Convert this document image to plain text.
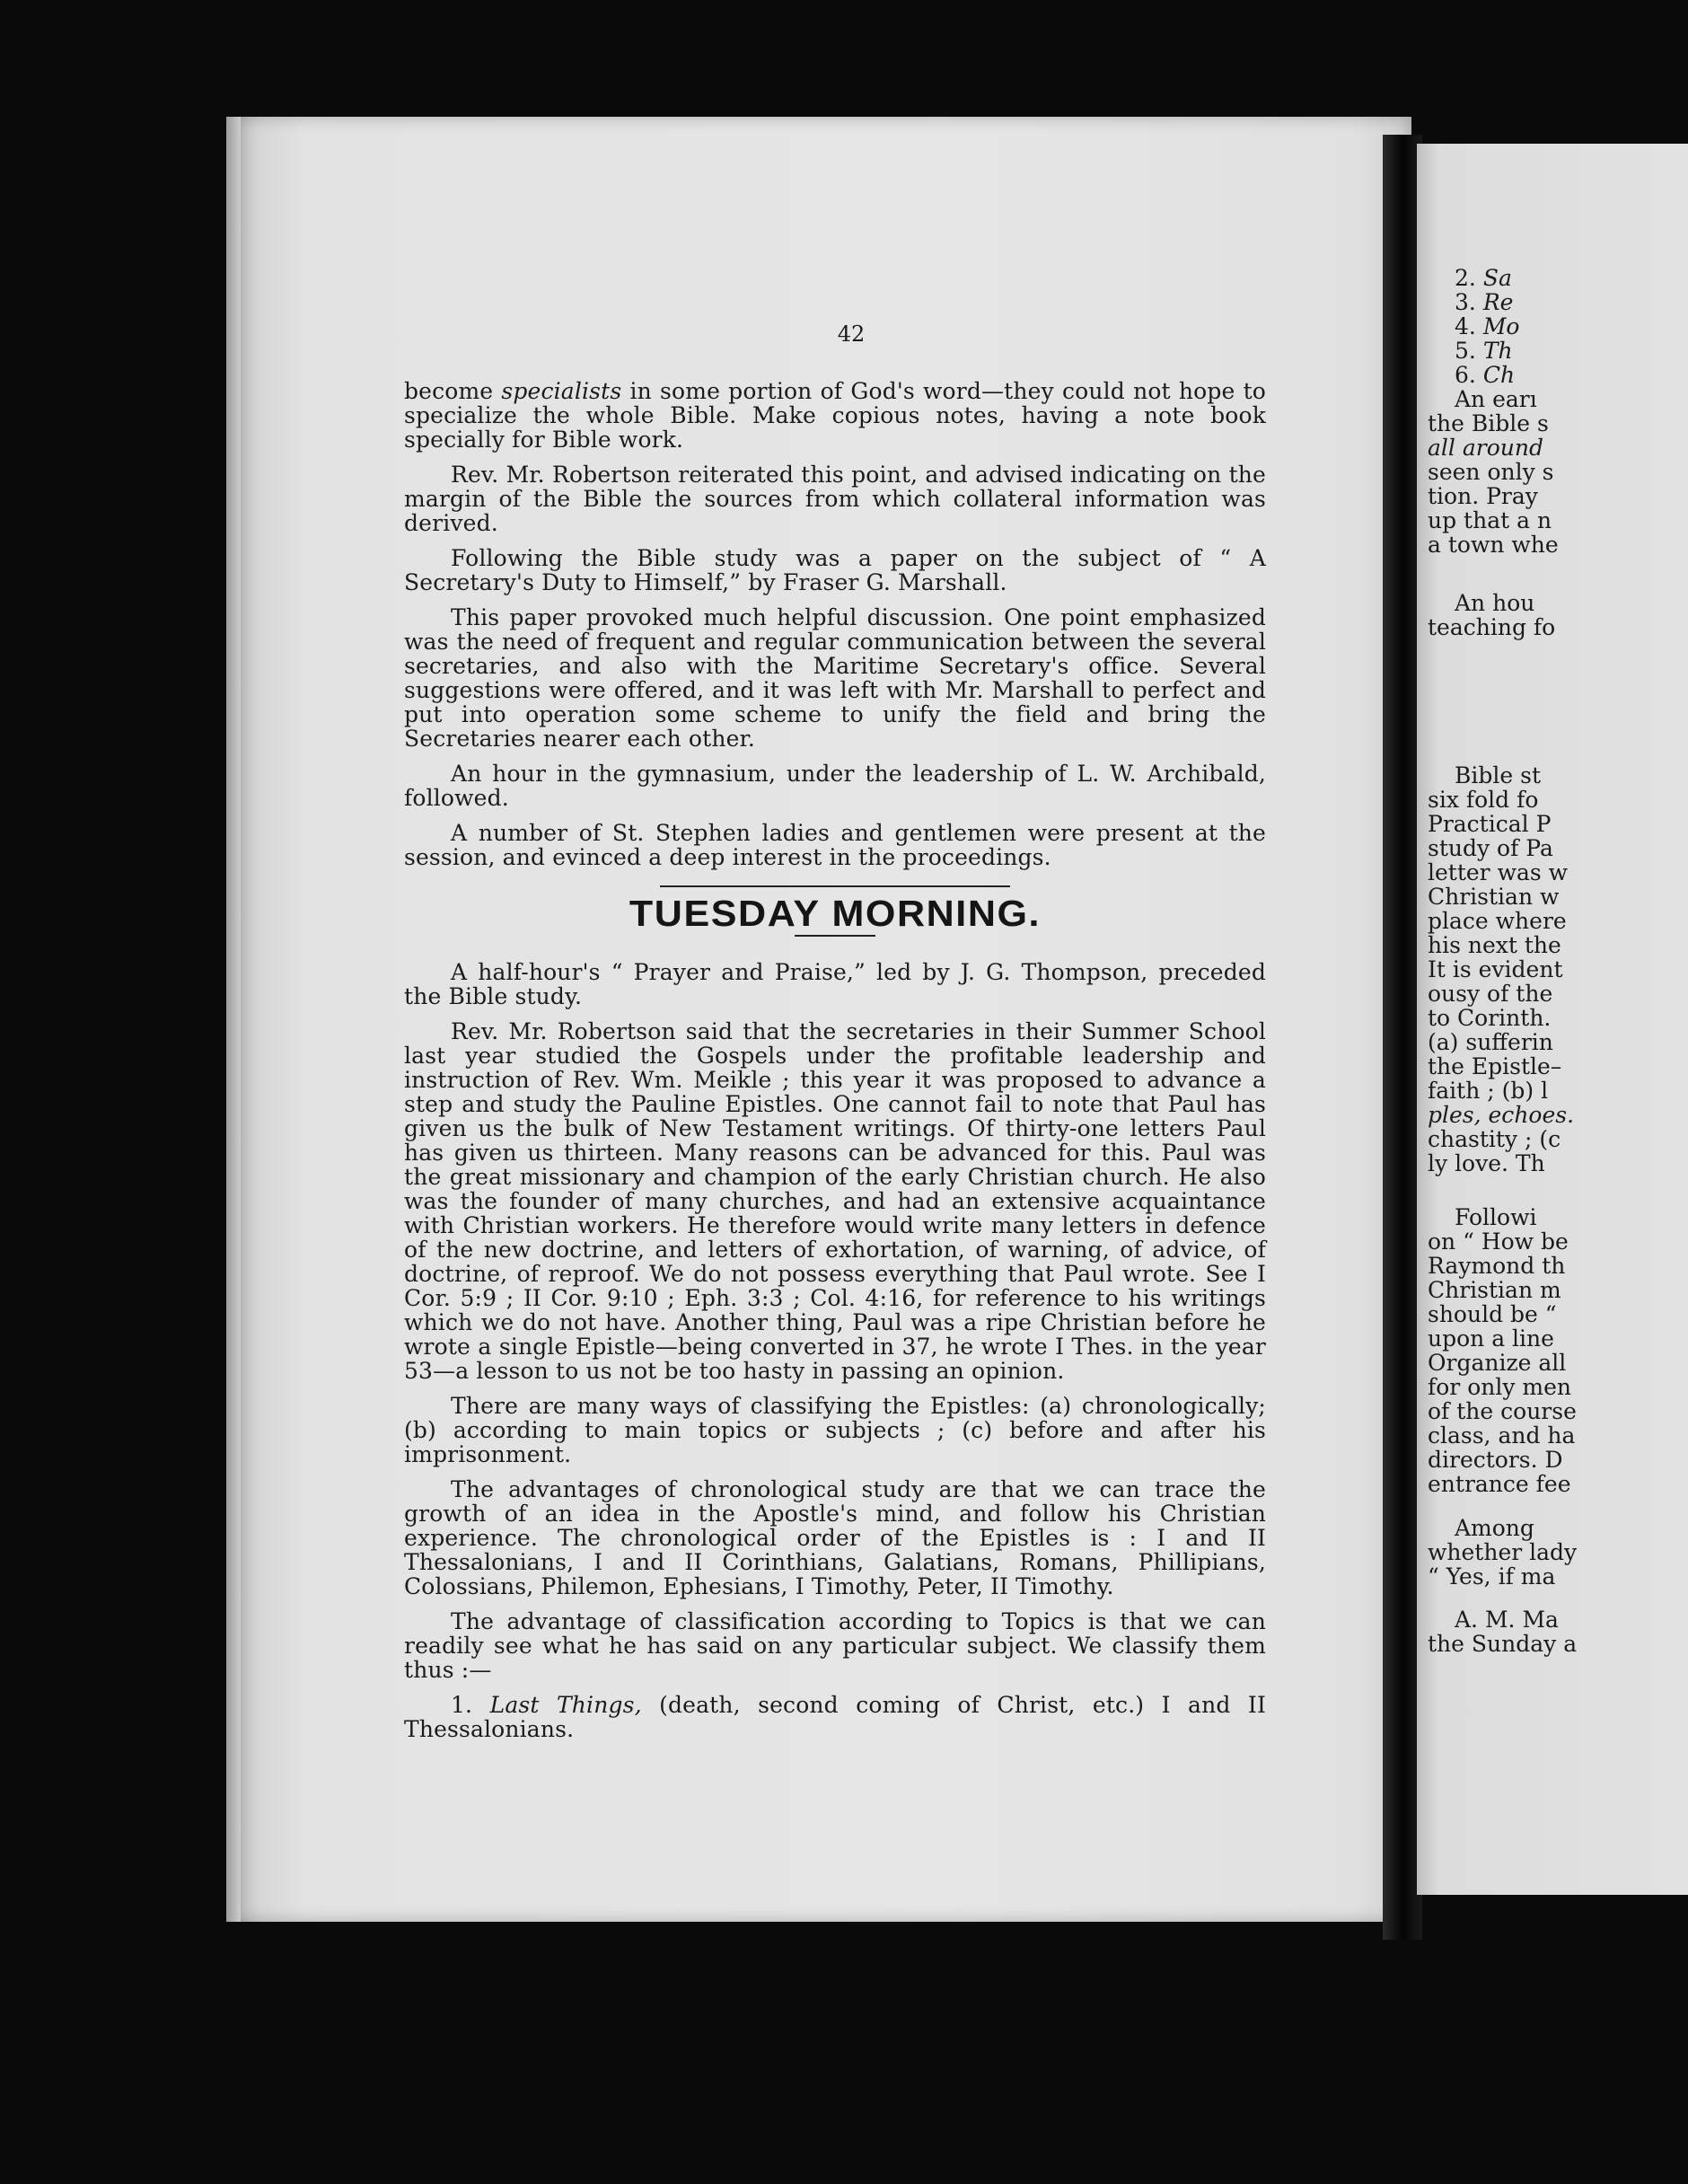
2. Sa
3. Re
4. Mo
5. Th
6. Ch
An earı
the Bible s
all around
seen only s
tion. Pray
up that a n
a town whe
An hou
teaching fo
Bible st
six fold fo
Practical P
study of Pa
letter was w
Christian w
place where
his next the
It is evident
ousy of the
to Corinth.
(a) sufferin
the Epistle–
faith ; (b) l
ples, echoes.
chastity ; (c
ly love. Th
Followi
on “ How be
Raymond th
Christian m
should be “
upon a line
Organize all
for only men
of the course
class, and ha
directors. D
entrance fee
Among
whether lady
“ Yes, if ma
A. M. Ma
the Sunday a
42

become specialists in some portion of God's word—they could not hope to specialize the whole Bible. Make copious notes, having a note book specially for Bible work.

Rev. Mr. Robertson reiterated this point, and advised indicating on the margin of the Bible the sources from which collateral information was derived.

Following the Bible study was a paper on the subject of “ A Secretary's Duty to Himself,” by Fraser G. Marshall.

This paper provoked much helpful discussion. One point emphasized was the need of frequent and regular communication between the several secretaries, and also with the Maritime Secretary's office. Several suggestions were offered, and it was left with Mr. Marshall to perfect and put into operation some scheme to unify the field and bring the Secretaries nearer each other.

An hour in the gymnasium, under the leadership of L. W. Archibald, followed.

A number of St. Stephen ladies and gentlemen were present at the session, and evinced a deep interest in the proceedings.

TUESDAY MORNING.

A half-hour's “ Prayer and Praise,” led by J. G. Thompson, preceded the Bible study.

Rev. Mr. Robertson said that the secretaries in their Summer School last year studied the Gospels under the profitable leadership and instruction of Rev. Wm. Meikle ; this year it was proposed to advance a step and study the Pauline Epistles. One cannot fail to note that Paul has given us the bulk of New Testament writings. Of thirty-one letters Paul has given us thirteen. Many reasons can be advanced for this. Paul was the great missionary and champion of the early Christian church. He also was the founder of many churches, and had an extensive acquaintance with Christian workers. He therefore would write many letters in defence of the new doctrine, and letters of exhortation, of warning, of advice, of doctrine, of reproof. We do not possess everything that Paul wrote. See I Cor. 5:9 ; II Cor. 9:10 ; Eph. 3:3 ; Col. 4:16, for reference to his writings which we do not have. Another thing, Paul was a ripe Christian before he wrote a single Epistle—being converted in 37, he wrote I Thes. in the year 53—a lesson to us not be too hasty in passing an opinion.

There are many ways of classifying the Epistles: (a) chronologically; (b) according to main topics or subjects ; (c) before and after his imprisonment.

The advantages of chronological study are that we can trace the growth of an idea in the Apostle's mind, and follow his Christian experience. The chronological order of the Epistles is : I and II Thessalonians, I and II Corinthians, Galatians, Romans, Phillipians, Colossians, Philemon, Ephesians, I Timothy, Peter, II Timothy.

The advantage of classification according to Topics is that we can readily see what he has said on any particular subject. We classify them thus :—

1. Last Things, (death, second coming of Christ, etc.) I and II Thessalonians.
